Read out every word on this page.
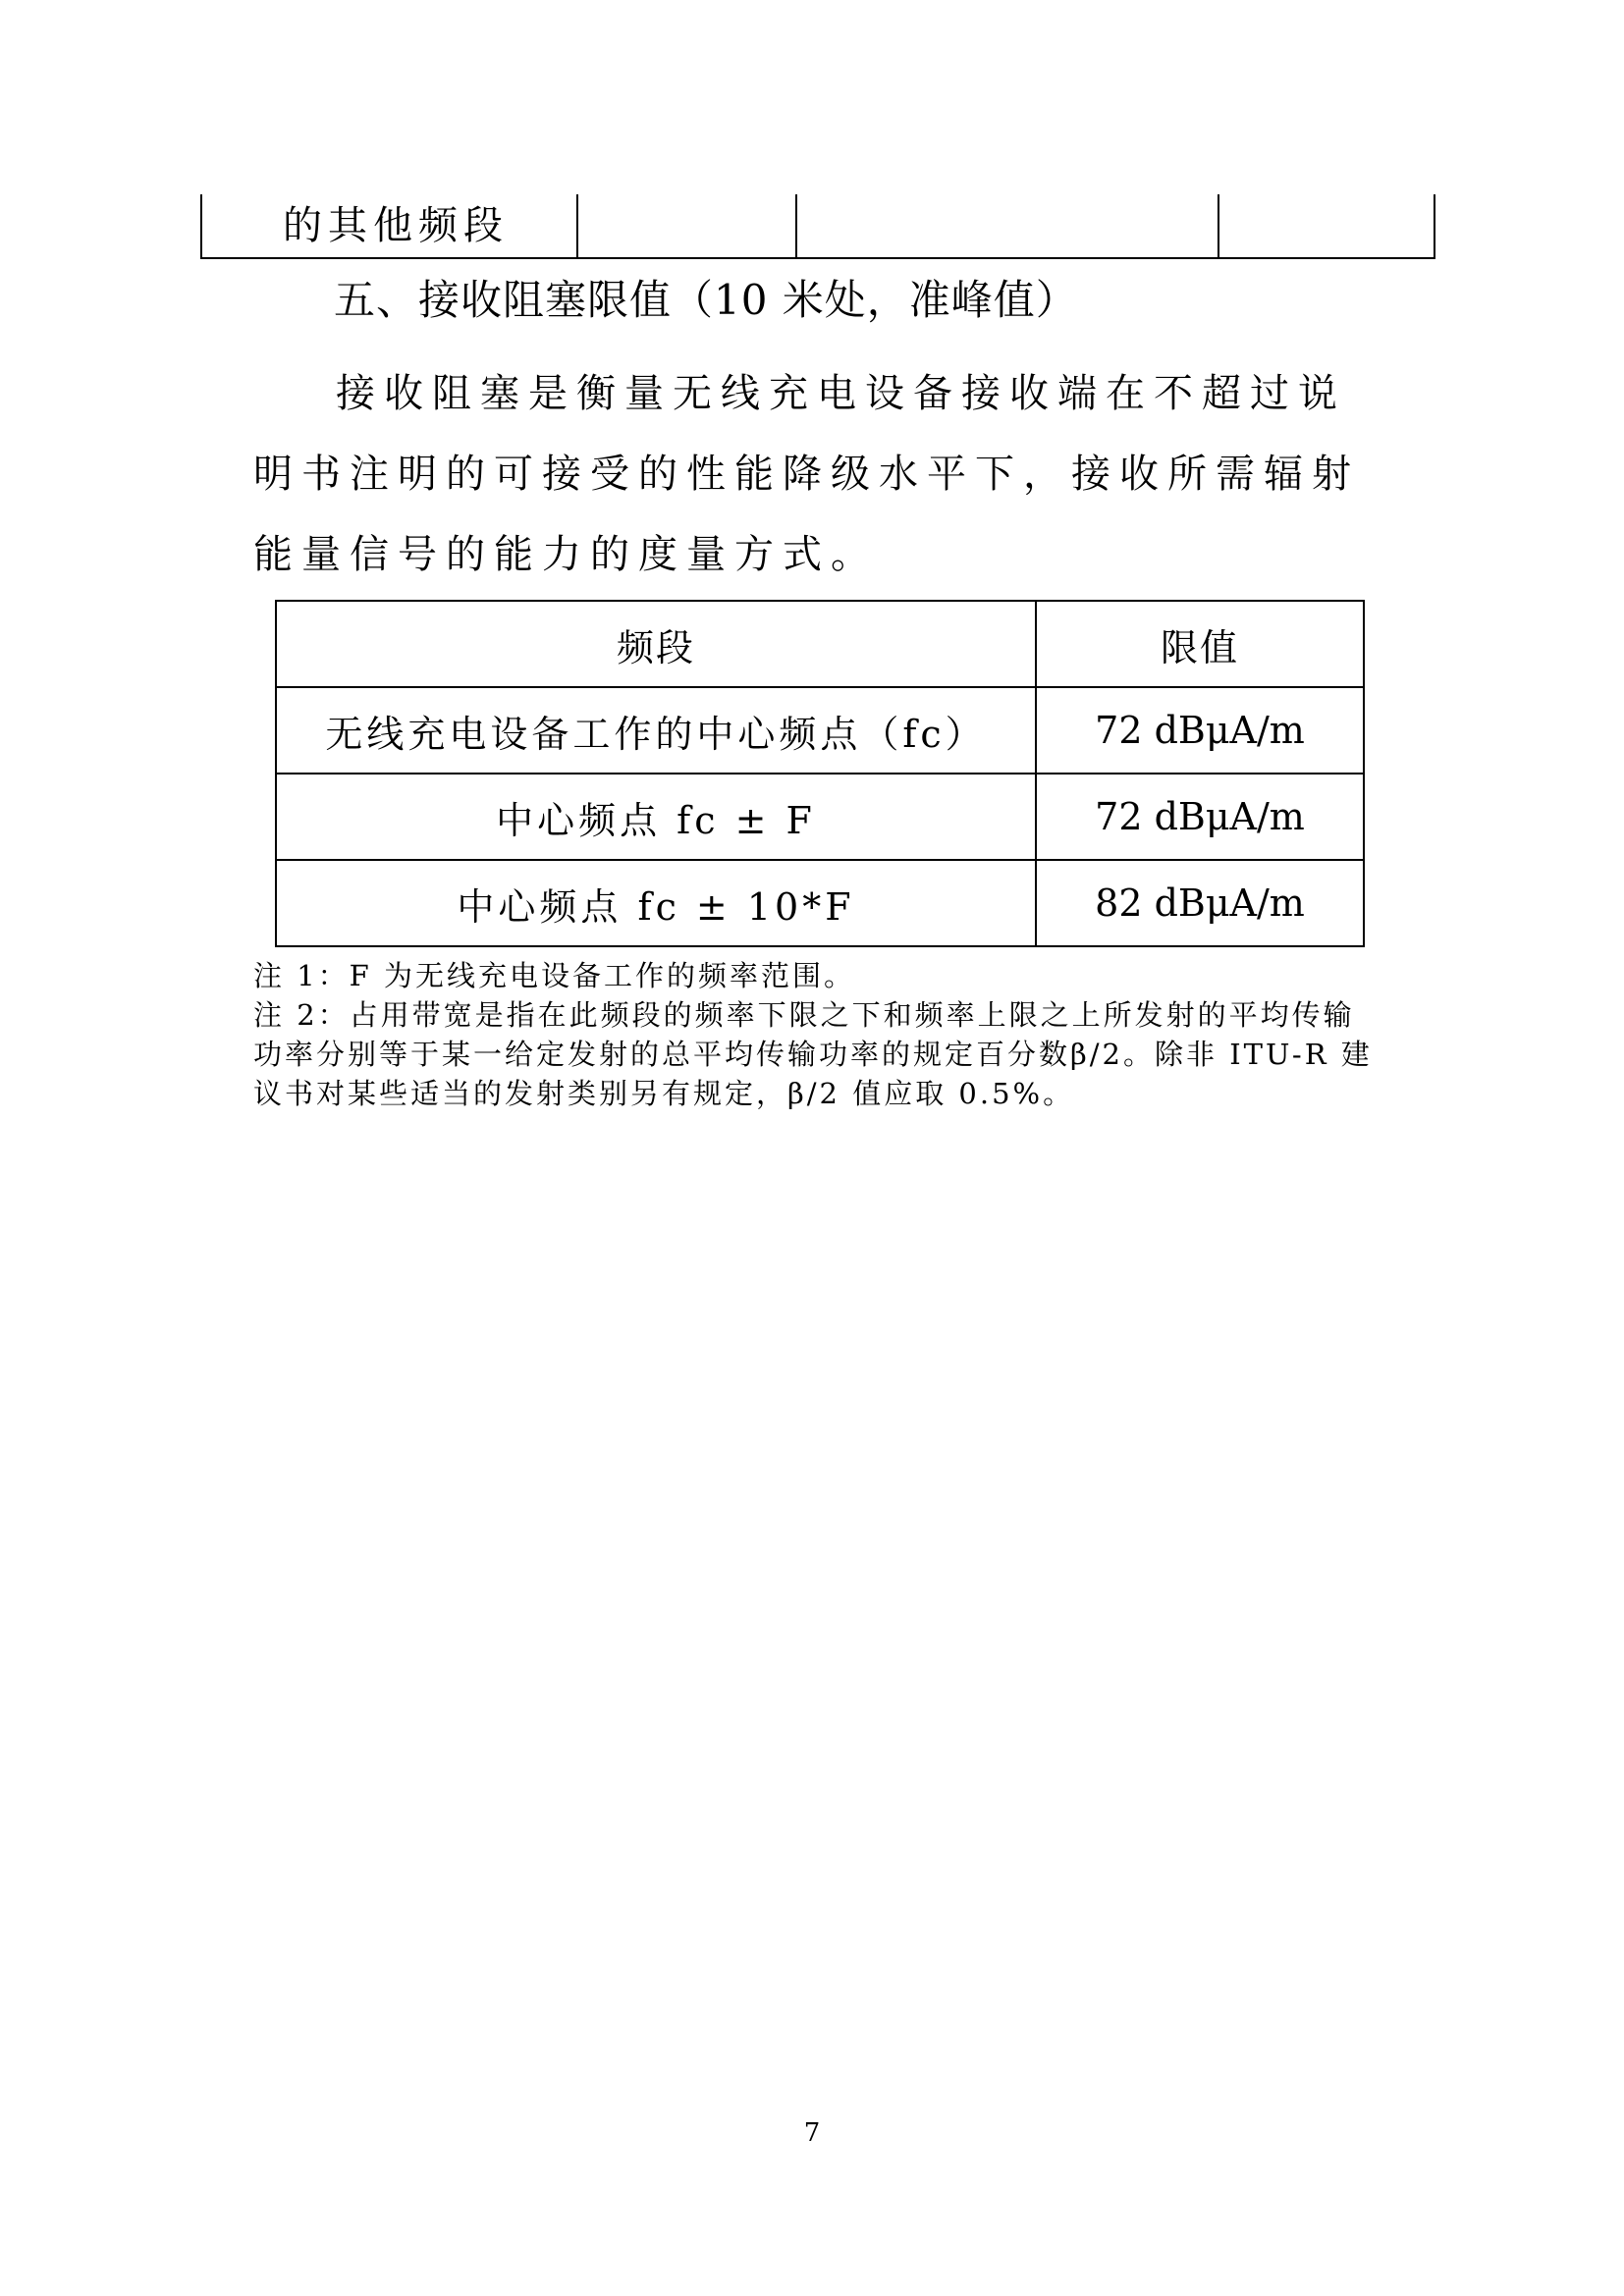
的其他频段			
五、接收阻塞限值（10 米处，准峰值）

接收阻塞是衡量无线充电设备接收端在不超过说明书注明的可接受的性能降级水平下，接收所需辐射能量信号的能力的度量方式。

频段	限值
无线充电设备工作的中心频点（fc）	72 dBμA/m
中心频点 fc ± F	72 dBμA/m
中心频点 fc ± 10*F	82 dBμA/m

注 1：F 为无线充电设备工作的频率范围。

注 2：占用带宽是指在此频段的频率下限之下和频率上限之上所发射的平均传输功率分别等于某一给定发射的总平均传输功率的规定百分数β/2。除非 ITU-R 建议书对某些适当的发射类别另有规定，β/2 值应取 0.5%。

7
